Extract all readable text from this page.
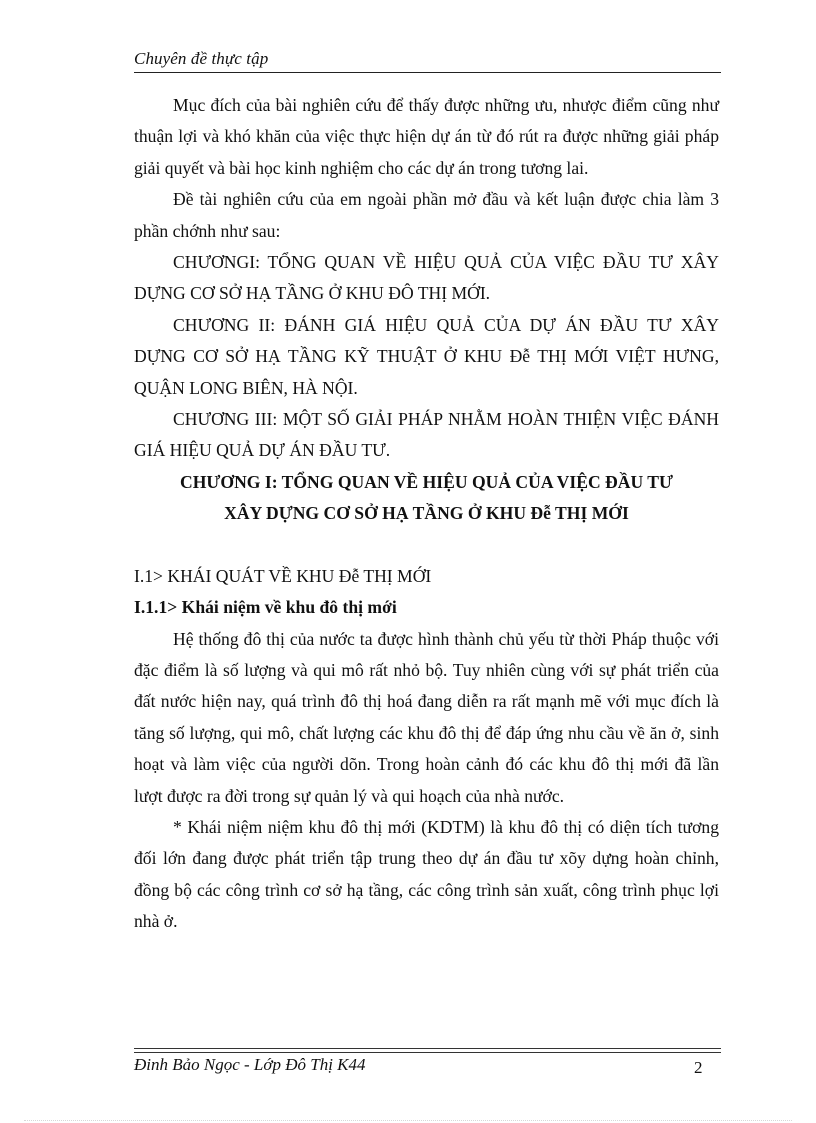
Chuyên đề thực tập

Mục đích của bài nghiên cứu để thấy được những ưu, nhược điểm cũng như thuận lợi và khó khăn của việc thực hiện dự án từ đó rút ra được những giải pháp giải quyết và bài học kinh nghiệm cho các dự án trong tương lai.

Đề tài nghiên cứu của em ngoài phần mở đầu và kết luận được chia làm 3 phần chớnh như sau:

CHƯƠNGI: TỔNG QUAN VỀ HIỆU QUẢ CỦA VIỆC ĐẦU TƯ XÂY DỰNG CƠ SỞ HẠ TẦNG Ở KHU ĐÔ THỊ MỚI.

CHƯƠNG II: ĐÁNH GIÁ HIỆU QUẢ CỦA DỰ ÁN ĐẦU TƯ XÂY DỰNG CƠ SỞ HẠ TẦNG KỸ THUẬT Ở KHU Đễ THỊ MỚI VIỆT HƯNG, QUẬN LONG BIÊN, HÀ NỘI.

CHƯƠNG III: MỘT SỐ GIẢI PHÁP NHẰM HOÀN THIỆN VIỆC ĐÁNH GIÁ HIỆU QUẢ DỰ ÁN ĐẦU TƯ.

CHƯƠNG I: TỔNG QUAN VỀ HIỆU QUẢ CỦA VIỆC ĐẦU TƯ

XÂY DỰNG CƠ SỞ HẠ TẦNG Ở KHU Đễ THỊ MỚI

I.1> KHÁI QUÁT VỀ KHU Đễ THỊ MỚI

I.1.1> Khái niệm về khu đô thị mới

Hệ thống đô thị của nước ta được hình thành chủ yếu từ thời Pháp thuộc với đặc điểm là số lượng và qui mô rất nhỏ bộ. Tuy nhiên cùng với sự phát triển của đất nước hiện nay, quá trình đô thị hoá đang diễn ra rất mạnh mẽ với mục đích là tăng số lượng, qui mô, chất lượng các khu đô thị để đáp ứng nhu cầu về ăn ở, sinh hoạt và làm việc của người dõn. Trong hoàn cảnh đó các khu đô thị mới đã lần lượt được ra đời trong sự quản lý và qui hoạch của nhà nước.

* Khái niệm niệm khu đô thị mới (KDTM) là khu đô thị có diện tích tương đối lớn đang được phát triển tập trung theo dự án đầu tư xõy dựng hoàn chỉnh, đồng bộ các công trình cơ sở hạ tầng, các công trình sản xuất, công trình phục lợi nhà ở.

Đinh Bảo Ngọc - Lớp Đô Thị K44	2
